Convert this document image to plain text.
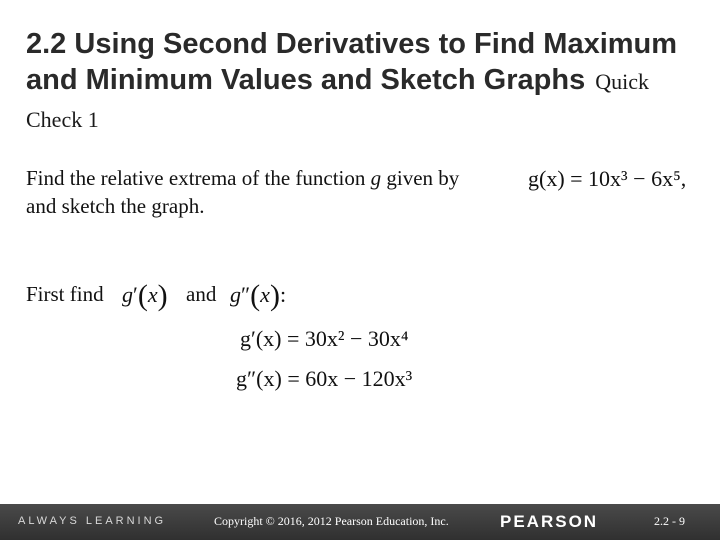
2.2 Using Second Derivatives to Find Maximum and Minimum Values and Sketch Graphs Quick Check 1
Find the relative extrema of the function g given by	g(x) = 10x³ − 6x⁵,
and sketch the graph.
First find g′(x) and g″(x):
g′(x) = 30x² − 30x⁴
g″(x) = 60x − 120x³
ALWAYS LEARNING	Copyright © 2016, 2012 Pearson Education, Inc.	PEARSON	2.2 - 9
